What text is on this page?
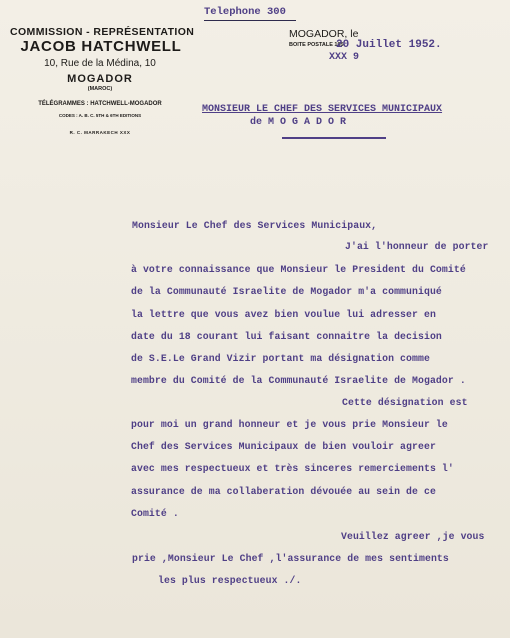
COMMISSION - REPRÉSENTATION
JACOB HATCHWELL
10, Rue de la Médina, 10
MOGADOR
(MAROC)
TÉLÉGRAMMES : HATCHWELL-MOGADOR
CODES : A. B. C. 5TH & 6TH EDITIONS
R. C. MARRAKECH XXX
Telephone 300
MOGADOR, le
BOITE POSTALE 105
20 Juillet 1952.
XXX 9
MONSIEUR LE CHEF DES SERVICES MUNICIPAUX
de M O G A D O R
Monsieur Le Chef des Services Municipaux,
J'ai l'honneur de porter
à votre connaissance que Monsieur le President du Comité
de la Communauté Israelite de Mogador m'a communiqué
la lettre que vous avez bien voulue lui adresser en
date du 18 courant lui faisant connaitre la decision
de S.E.Le Grand Vizir portant ma désignation comme
membre du Comité de la Communauté Israelite de Mogador .
Cette désignation est
pour moi un grand honneur et je vous prie Monsieur le
Chef des Services Municipaux de bien vouloir agreer
avec mes respectueux et très sinceres remerciements l'
assurance de ma collaberation dévouée au sein de ce
Comité .
Veuillez agreer ,je vous
prie ,Monsieur Le Chef ,l'assurance de mes sentiments
les plus respectueux ./.
